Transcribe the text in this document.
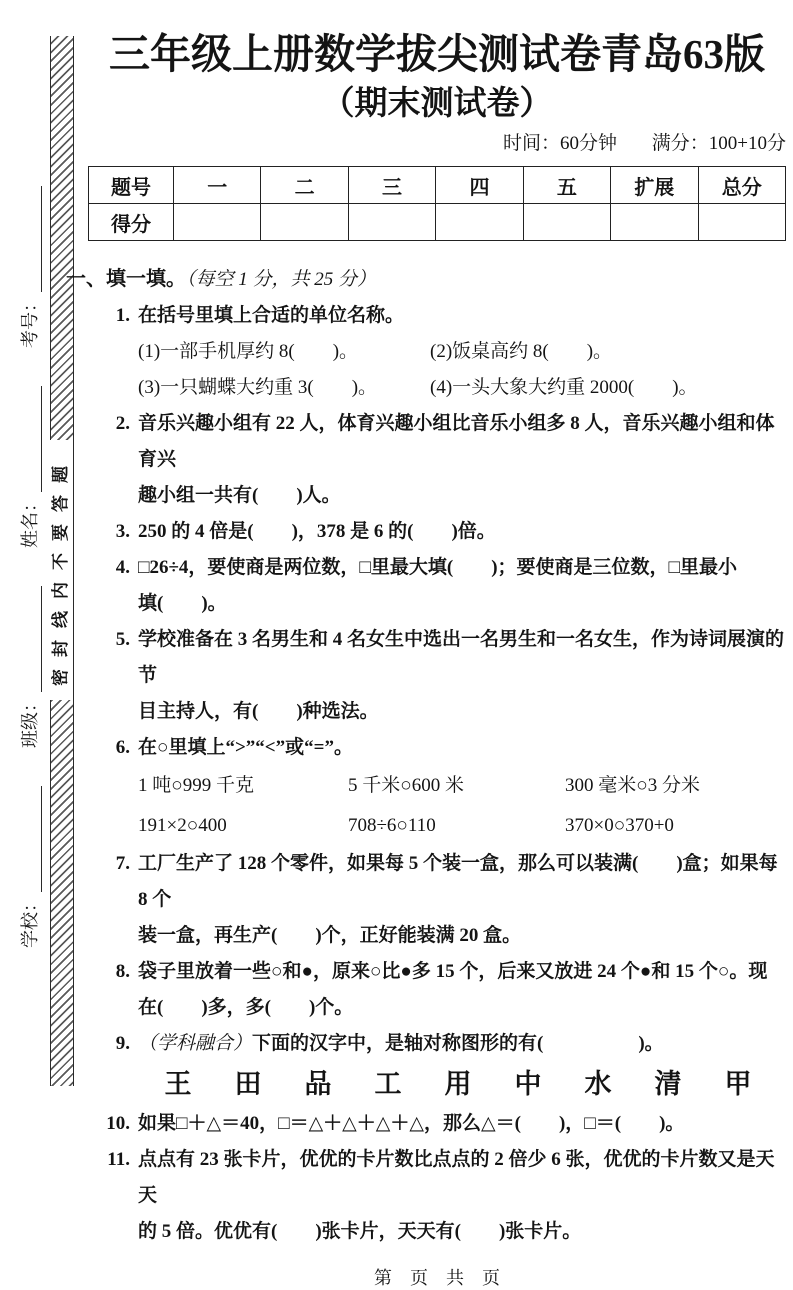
学校：
班级：
姓名：
考号：
密封线内不要答题
三年级上册数学拔尖测试卷青岛63版
（期末测试卷）
时间：60分钟 满分：100+10分
题号	一	二	三	四	五	扩展	总分
得分							
一、填一填。（每空 1 分，共 25 分）
1. 在括号里填上合适的单位名称。
(1)一部手机厚约 8(　　)。	(2)饭桌高约 8(　　)。
(3)一只蝴蝶大约重 3(　　)。	(4)一头大象大约重 2000(　　)。
2. 音乐兴趣小组有 22 人，体育兴趣小组比音乐小组多 8 人，音乐兴趣小组和体育兴
趣小组一共有(　　)人。
3. 250 的 4 倍是(　　)，378 是 6 的(　　)倍。
4. □26÷4，要使商是两位数，□里最大填(　　)；要使商是三位数，□里最小
填(　　)。
5. 学校准备在 3 名男生和 4 名女生中选出一名男生和一名女生，作为诗词展演的节
目主持人，有(　　)种选法。
6. 在○里填上“>”“<”或“=”。
1 吨○999 千克	5 千米○600 米	300 毫米○3 分米
191×2○400	708÷6○110	370×0○370+0
7. 工厂生产了 128 个零件，如果每 5 个装一盒，那么可以装满(　　)盒；如果每 8 个
装一盒，再生产(　　)个，正好能装满 20 盒。
8. 袋子里放着一些○和●，原来○比●多 15 个，后来又放进 24 个●和 15 个○。现
在(　　)多，多(　　)个。
9. （学科融合）下面的汉字中，是轴对称图形的有(　　　　　)。
王　田　品　工　用　中　水　清　甲
10. 如果□＋△＝40，□＝△＋△＋△＋△，那么△＝(　　)，□＝(　　)。
11. 点点有 23 张卡片，优优的卡片数比点点的 2 倍少 6 张，优优的卡片数又是天天
的 5 倍。优优有(　　)张卡片，天天有(　　)张卡片。
第　页　共　页
